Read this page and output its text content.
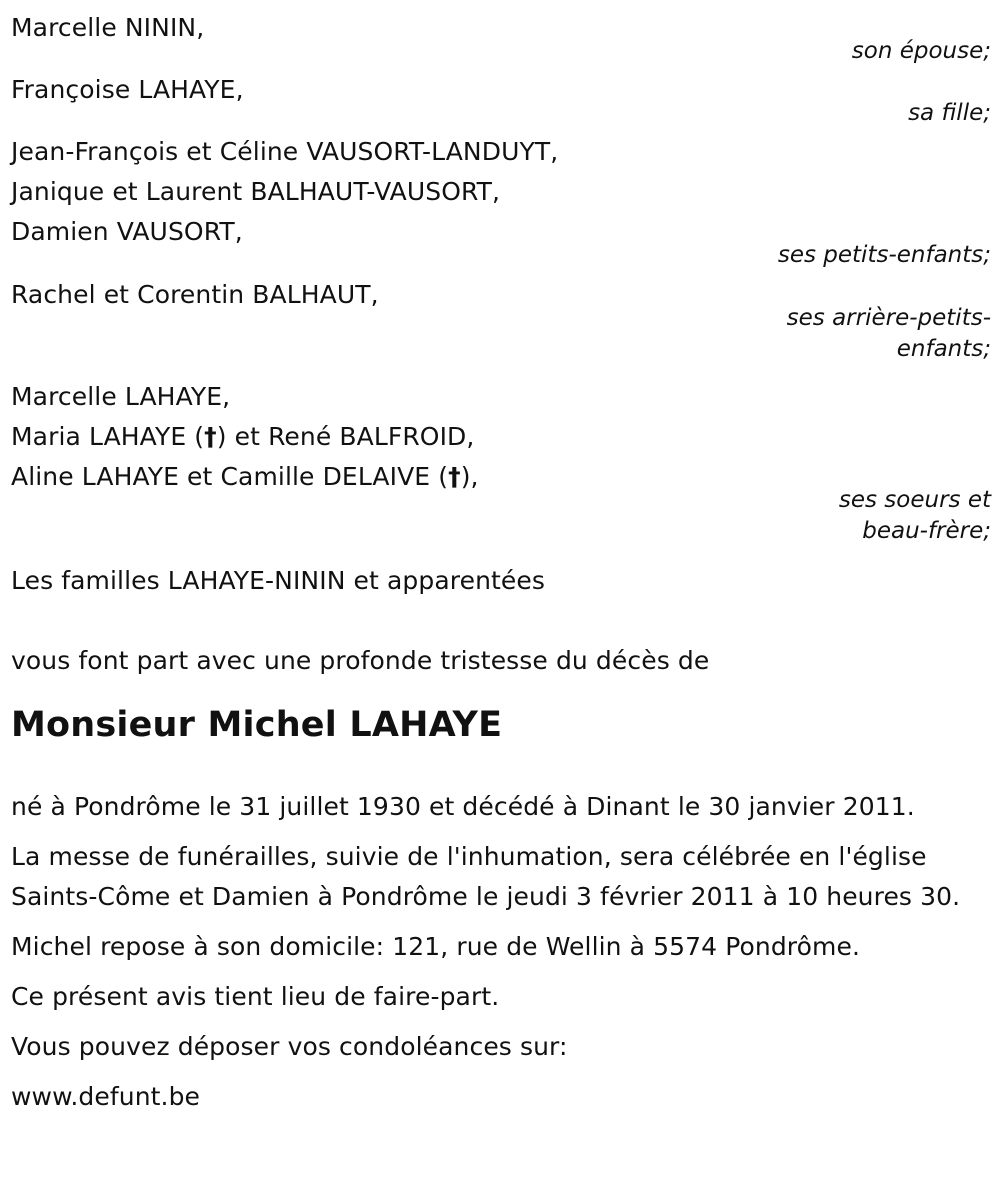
Marcelle NININ,
son épouse;
Françoise LAHAYE,
sa fille;
Jean-François et Céline VAUSORT-LANDUYT,
Janique et Laurent BALHAUT-VAUSORT,
Damien VAUSORT,
ses petits-enfants;
Rachel et Corentin BALHAUT,
ses arrière-petits-
enfants;
Marcelle LAHAYE,
Maria LAHAYE (†) et René BALFROID,
Aline LAHAYE et Camille DELAIVE (†),
ses soeurs et
beau-frère;
Les familles LAHAYE-NININ et apparentées
vous font part avec une profonde tristesse du décès de
Monsieur Michel LAHAYE
né à Pondrôme le 31 juillet 1930 et décédé à Dinant le 30 janvier 2011.
La messe de funérailles, suivie de l'inhumation, sera célébrée en l'église Saints-Côme et Damien à Pondrôme le jeudi 3 février 2011 à 10 heures 30.
Michel repose à son domicile: 121, rue de Wellin à 5574 Pondrôme.
Ce présent avis tient lieu de faire-part.
Vous pouvez déposer vos condoléances sur:
www.defunt.be
